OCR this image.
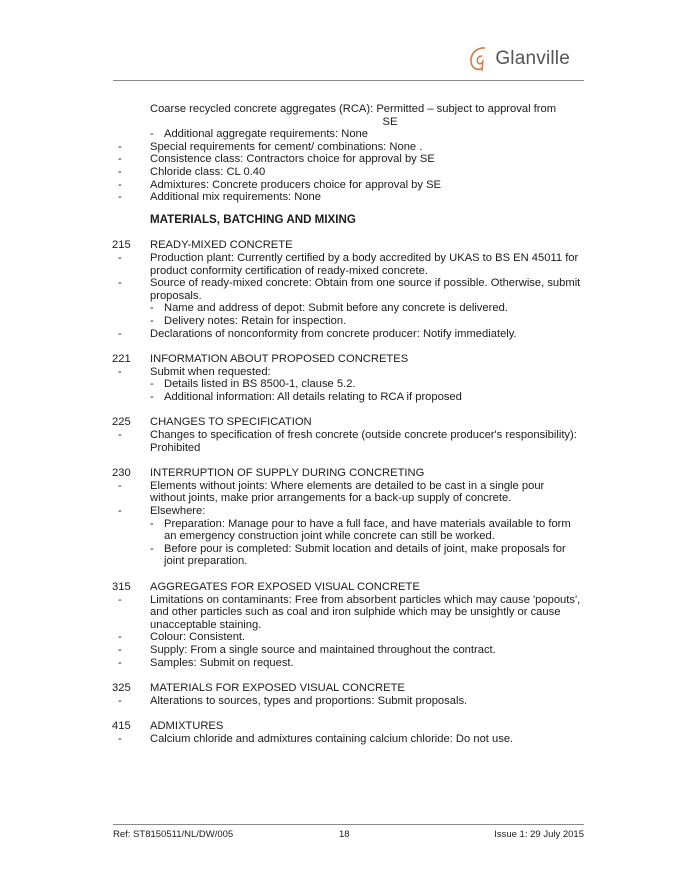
Glanville
Coarse recycled concrete aggregates (RCA): Permitted – subject to approval from
SE
- Additional aggregate requirements: None
-	Special requirements for cement/ combinations: None .
-	Consistence class: Contractors choice for approval by SE
-	Chloride class: CL 0.40
-	Admixtures: Concrete producers choice for approval by SE
-	Additional mix requirements: None
MATERIALS, BATCHING AND MIXING
215	READY-MIXED CONCRETE
-	Production plant: Currently certified by a body accredited by UKAS to BS EN 45011 for product conformity certification of ready-mixed concrete.
-	Source of ready-mixed concrete: Obtain from one source if possible. Otherwise, submit proposals.
- Name and address of depot: Submit before any concrete is delivered.
- Delivery notes: Retain for inspection.
-	Declarations of nonconformity from concrete producer: Notify immediately.
221	INFORMATION ABOUT PROPOSED CONCRETES
-	Submit when requested:
- Details listed in BS 8500-1, clause 5.2.
- Additional information: All details relating to RCA if proposed
225	CHANGES TO SPECIFICATION
-	Changes to specification of fresh concrete (outside concrete producer's responsibility): Prohibited
230	INTERRUPTION OF SUPPLY DURING CONCRETING
-	Elements without joints: Where elements are detailed to be cast in a single pour without joints, make prior arrangements for a back-up supply of concrete.
-	Elsewhere:
- Preparation: Manage pour to have a full face, and have materials available to form an emergency construction joint while concrete can still be worked.
- Before pour is completed: Submit location and details of joint, make proposals for joint preparation.
315	AGGREGATES FOR EXPOSED VISUAL CONCRETE
-	Limitations on contaminants: Free from absorbent particles which may cause 'popouts', and other particles such as coal and iron sulphide which may be unsightly or cause unacceptable staining.
-	Colour: Consistent.
-	Supply: From a single source and maintained throughout the contract.
-	Samples: Submit on request.
325	MATERIALS FOR EXPOSED VISUAL CONCRETE
-	Alterations to sources, types and proportions: Submit proposals.
415	ADMIXTURES
-	Calcium chloride and admixtures containing calcium chloride: Do not use.
Ref: ST8150511/NL/DW/005	18	Issue 1: 29 July 2015
